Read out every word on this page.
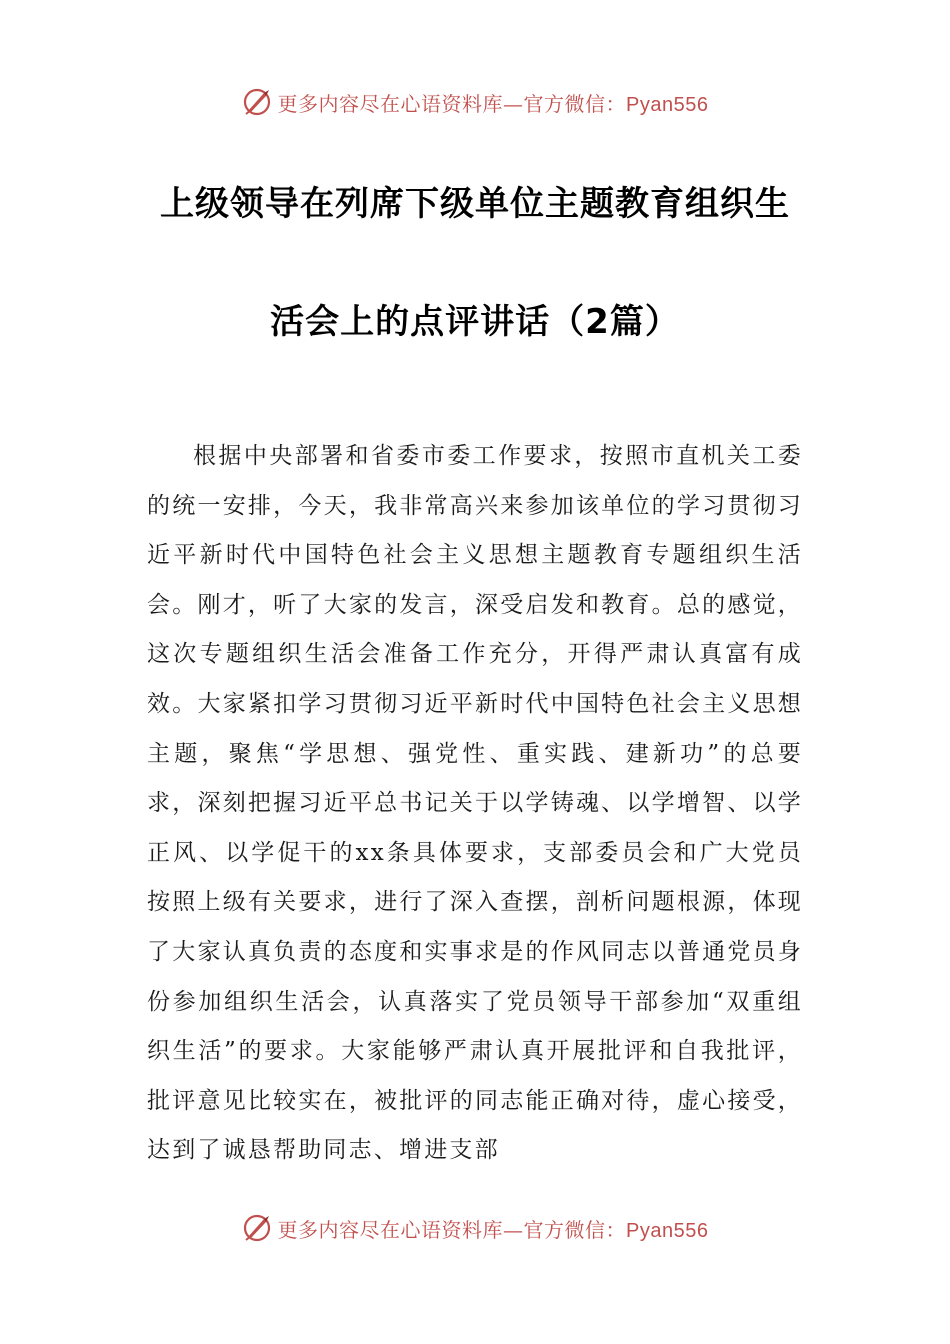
更多内容尽在心语资料库—官方微信：Pyan556
上级领导在列席下级单位主题教育组织生
活会上的点评讲话（2篇）
根据中央部署和省委市委工作要求，按照市直机关工委的统一安排，今天，我非常高兴来参加该单位的学习贯彻习近平新时代中国特色社会主义思想主题教育专题组织生活会。刚才，听了大家的发言，深受启发和教育。总的感觉，这次专题组织生活会准备工作充分，开得严肃认真富有成效。大家紧扣学习贯彻习近平新时代中国特色社会主义思想主题，聚焦“学思想、强党性、重实践、建新功”的总要求，深刻把握习近平总书记关于以学铸魂、以学增智、以学正风、以学促干的xx条具体要求，支部委员会和广大党员按照上级有关要求，进行了深入查摆，剖析问题根源，体现了大家认真负责的态度和实事求是的作风同志以普通党员身份参加组织生活会，认真落实了党员领导干部参加“双重组织生活”的要求。大家能够严肃认真开展批评和自我批评，批评意见比较实在，被批评的同志能正确对待，虚心接受，达到了诚恳帮助同志、增进支部
更多内容尽在心语资料库—官方微信：Pyan556
